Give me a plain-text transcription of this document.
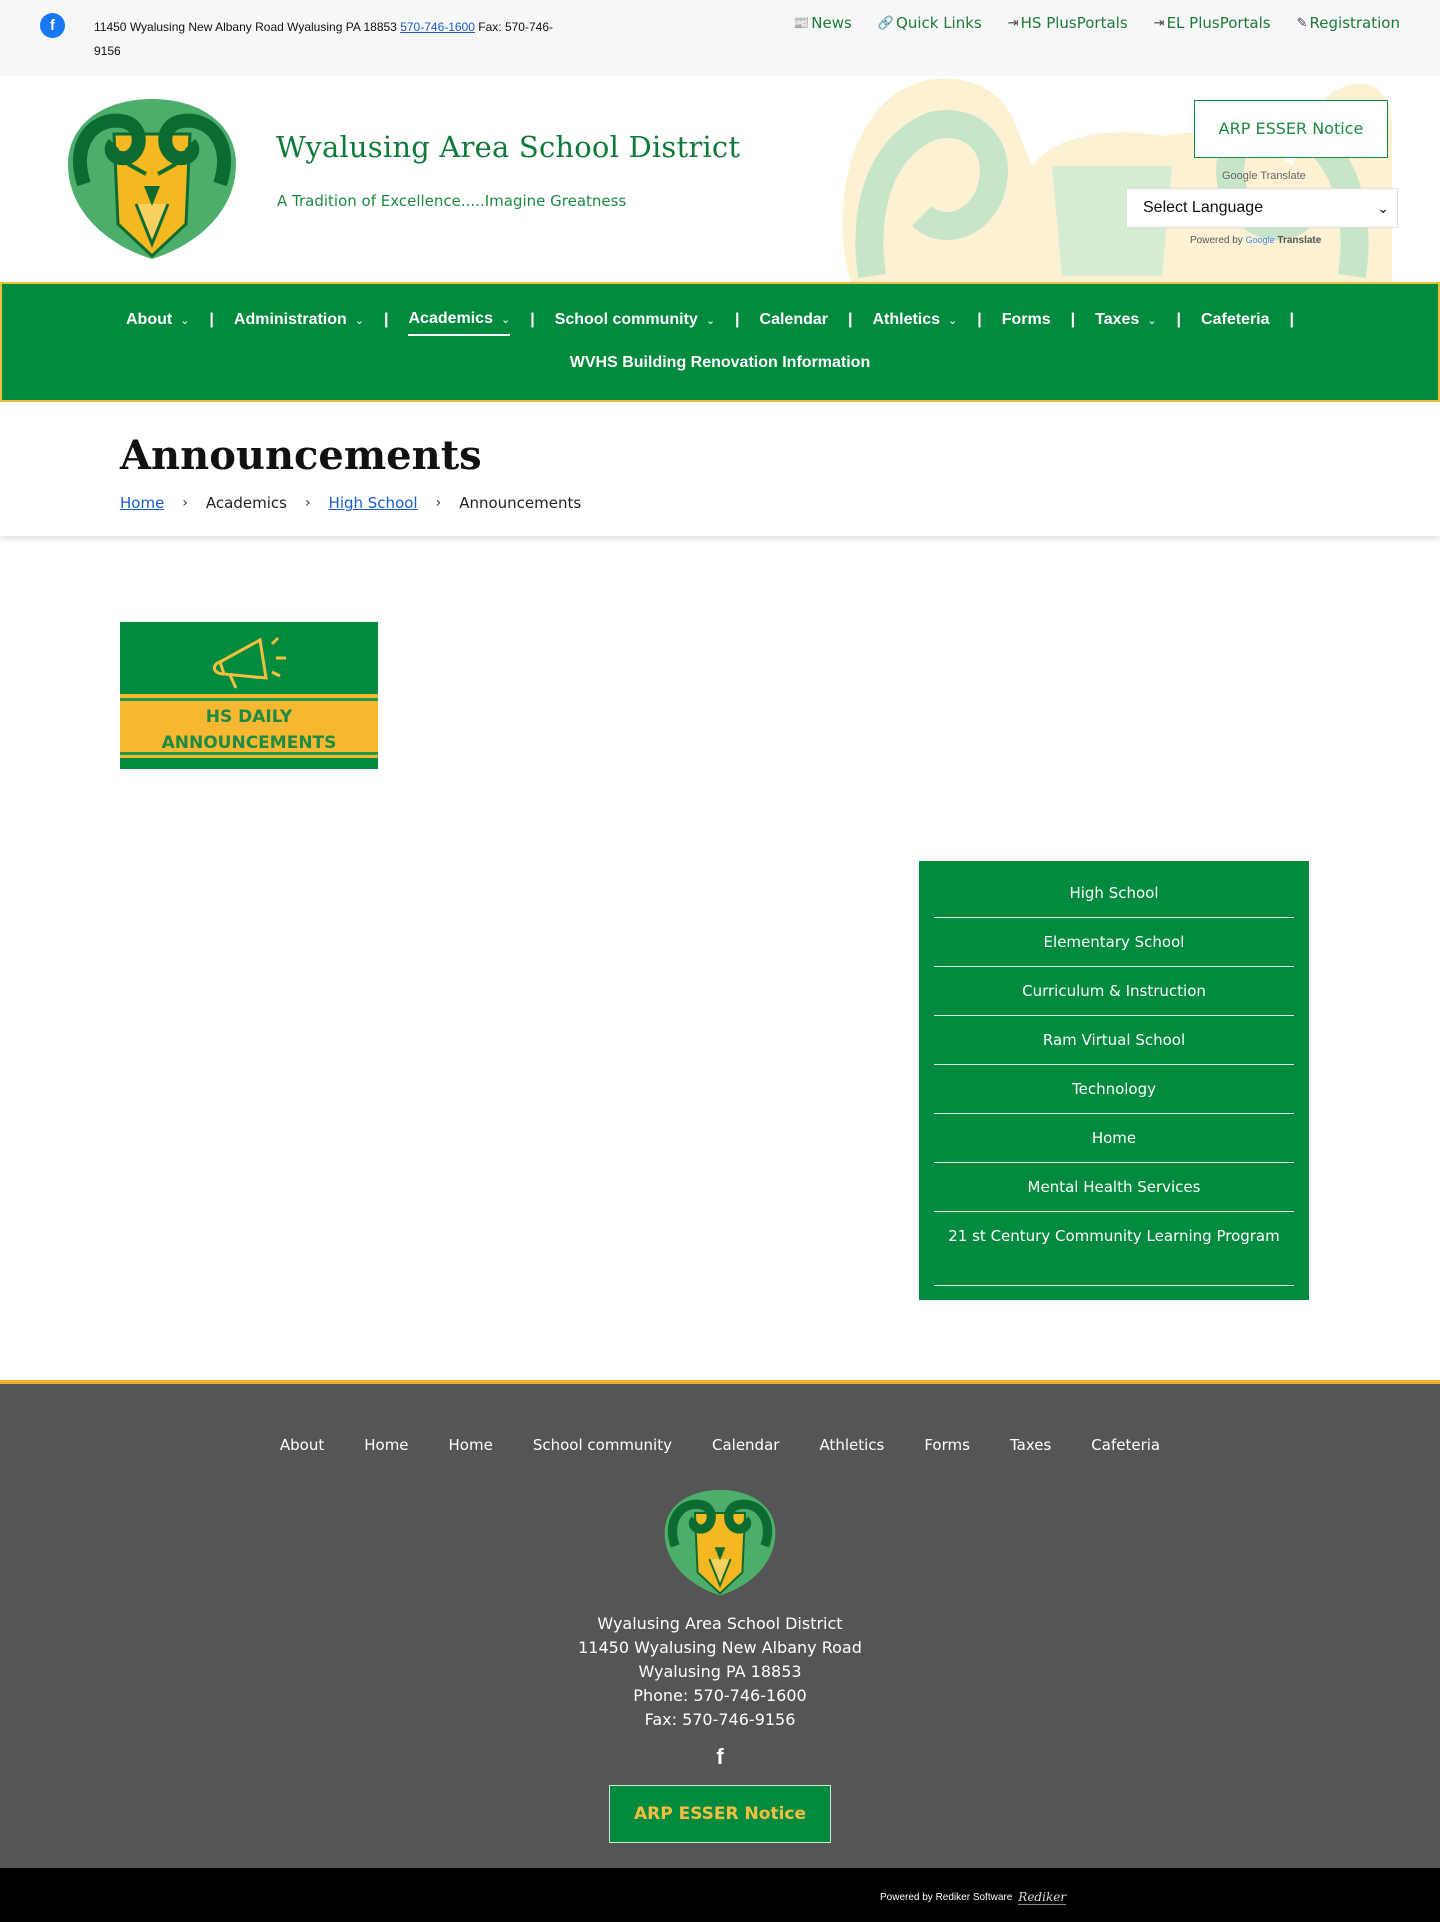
f	11450 Wyalusing New Albany Road Wyalusing PA 18853 570-746-1600 Fax: 570-746-
9156
📰 News 🔗 Quick Links ⇥ HS PlusPortals ⇥ EL PlusPortals ✎ Registration
Wyalusing Area School District
A Tradition of Excellence.....Imagine Greatness
ARP ESSER Notice
Google Translate
Select Language	⌄
Powered by Google Translate
About ⌄ | Administration ⌄ | Academics ⌄ | School community ⌄ | Calendar | Athletics ⌄ | Forms | Taxes ⌄ | Cafeteria |
WVHS Building Renovation Information
Announcements
Home › Academics › High School › Announcements
HS DAILY
ANNOUNCEMENTS
High School
Elementary School
Curriculum & Instruction
Ram Virtual School
Technology
Home
Mental Health Services
21 st Century Community Learning Program
About	Home	Home	School community	Calendar	Athletics	Forms	Taxes	Cafeteria
Wyalusing Area School District
11450 Wyalusing New Albany Road
Wyalusing PA 18853
Phone: 570-746-1600
Fax: 570-746-9156
f
ARP ESSER Notice
Powered by Rediker Software Rediker
